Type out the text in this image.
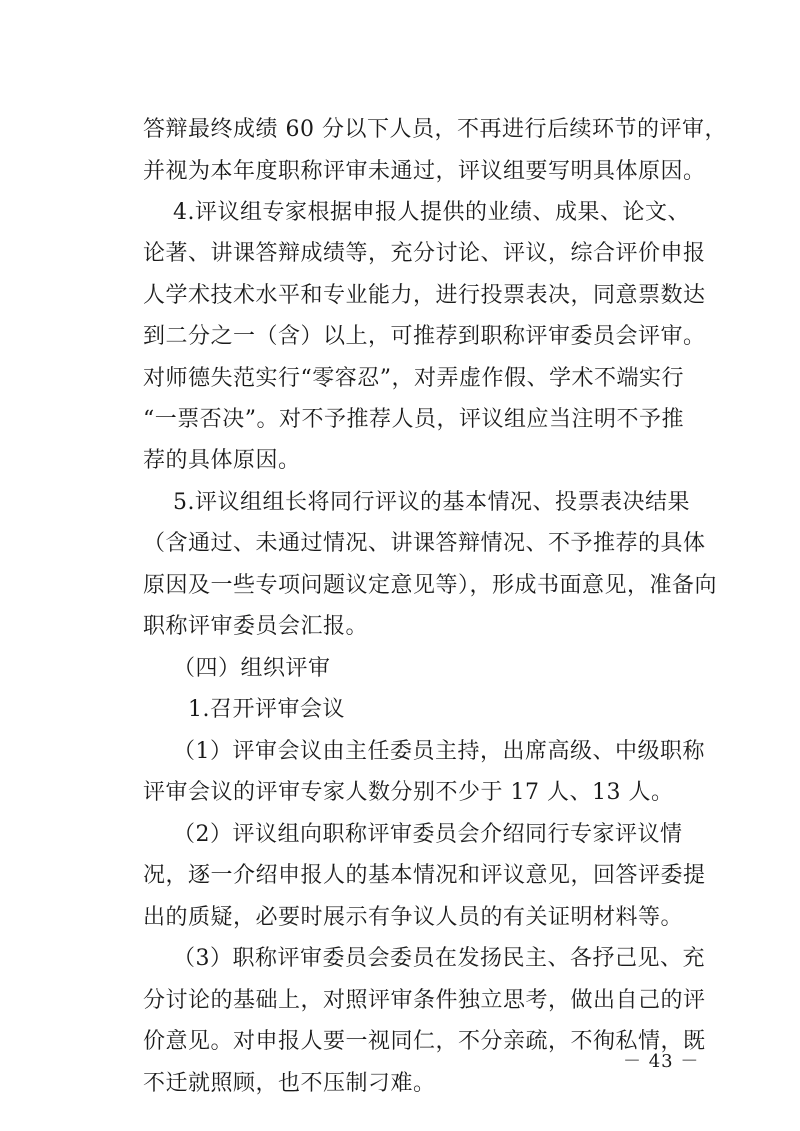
答辩最终成绩 60 分以下人员，不再进行后续环节的评审，
并视为本年度职称评审未通过，评议组要写明具体原因。
4.评议组专家根据申报人提供的业绩、成果、论文、
论著、讲课答辩成绩等，充分讨论、评议，综合评价申报
人学术技术水平和专业能力，进行投票表决，同意票数达
到二分之一（含）以上，可推荐到职称评审委员会评审。
对师德失范实行“零容忍”，对弄虚作假、学术不端实行
“一票否决”。对不予推荐人员，评议组应当注明不予推
荐的具体原因。
5.评议组组长将同行评议的基本情况、投票表决结果
（含通过、未通过情况、讲课答辩情况、不予推荐的具体
原因及一些专项问题议定意见等），形成书面意见，准备向
职称评审委员会汇报。
（四）组织评审
1.召开评审会议
（1）评审会议由主任委员主持，出席高级、中级职称
评审会议的评审专家人数分别不少于 17 人、13 人。
（2）评议组向职称评审委员会介绍同行专家评议情
况，逐一介绍申报人的基本情况和评议意见，回答评委提
出的质疑，必要时展示有争议人员的有关证明材料等。
（3）职称评审委员会委员在发扬民主、各抒己见、充
分讨论的基础上，对照评审条件独立思考，做出自己的评
价意见。对申报人要一视同仁，不分亲疏，不徇私情，既
不迁就照顾，也不压制刁难。
－ 43 －
